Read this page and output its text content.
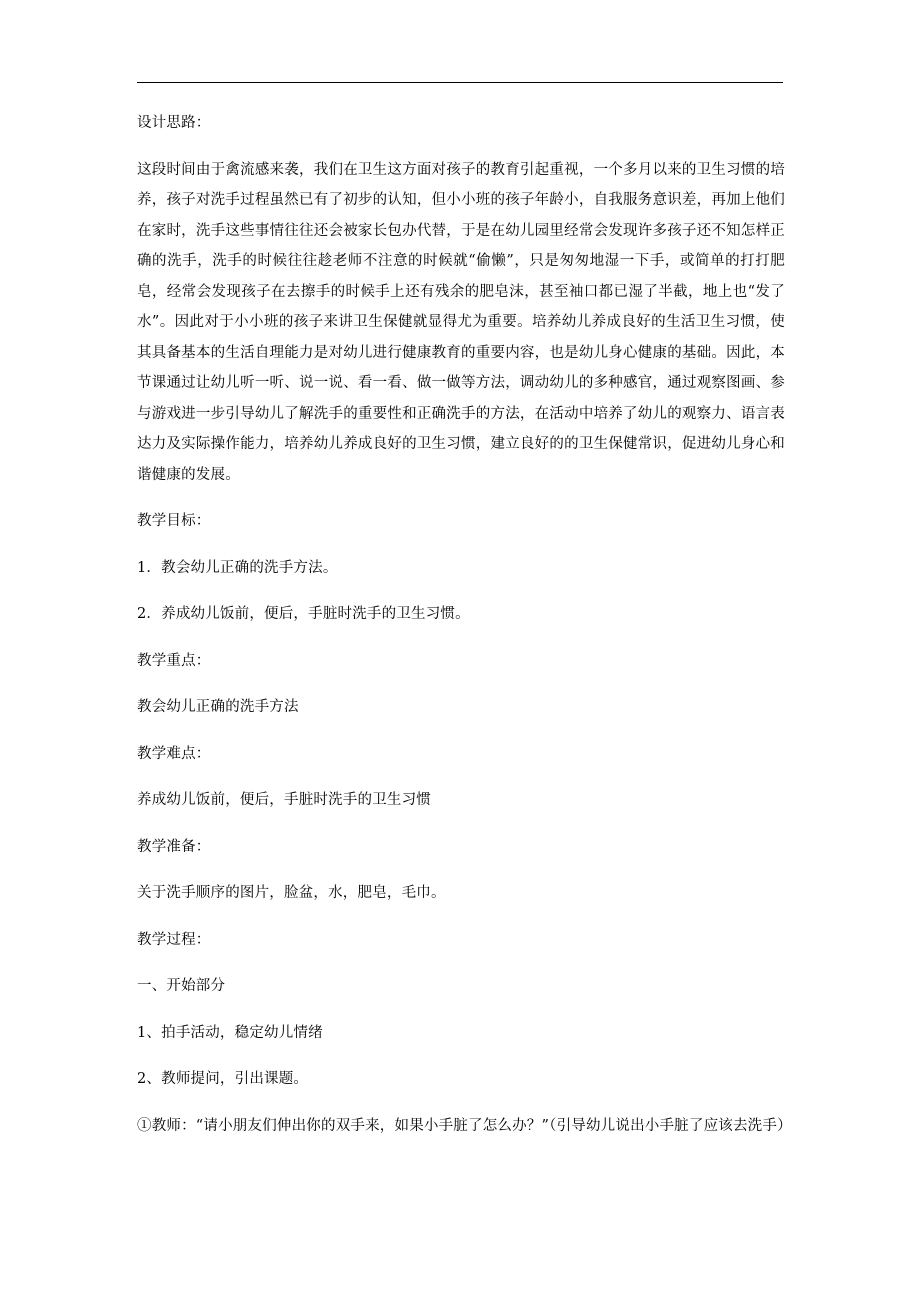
设计思路：

这段时间由于禽流感来袭，我们在卫生这方面对孩子的教育引起重视，一个多月以来的卫生习惯的培养，孩子对洗手过程虽然已有了初步的认知，但小小班的孩子年龄小，自我服务意识差，再加上他们在家时，洗手这些事情往往还会被家长包办代替，于是在幼儿园里经常会发现许多孩子还不知怎样正确的洗手，洗手的时候往往趁老师不注意的时候就“偷懒”，只是匆匆地湿一下手，或简单的打打肥皂，经常会发现孩子在去擦手的时候手上还有残余的肥皂沫，甚至袖口都已湿了半截，地上也“发了水”。因此对于小小班的孩子来讲卫生保健就显得尤为重要。培养幼儿养成良好的生活卫生习惯，使其具备基本的生活自理能力是对幼儿进行健康教育的重要内容，也是幼儿身心健康的基础。因此，本节课通过让幼儿听一听、说一说、看一看、做一做等方法，调动幼儿的多种感官，通过观察图画、参与游戏进一步引导幼儿了解洗手的重要性和正确洗手的方法，在活动中培养了幼儿的观察力、语言表达力及实际操作能力，培养幼儿养成良好的卫生习惯，建立良好的的卫生保健常识，促进幼儿身心和谐健康的发展。

教学目标：

1．教会幼儿正确的洗手方法。

2．养成幼儿饭前，便后，手脏时洗手的卫生习惯。

教学重点：

教会幼儿正确的洗手方法

教学难点：

养成幼儿饭前，便后，手脏时洗手的卫生习惯

教学准备：

关于洗手顺序的图片，脸盆，水，肥皂，毛巾。

教学过程：

一、开始部分

1、拍手活动，稳定幼儿情绪

2、教师提问，引出课题。

①教师：“请小朋友们伸出你的双手来，如果小手脏了怎么办？”（引导幼儿说出小手脏了应该去洗手）
